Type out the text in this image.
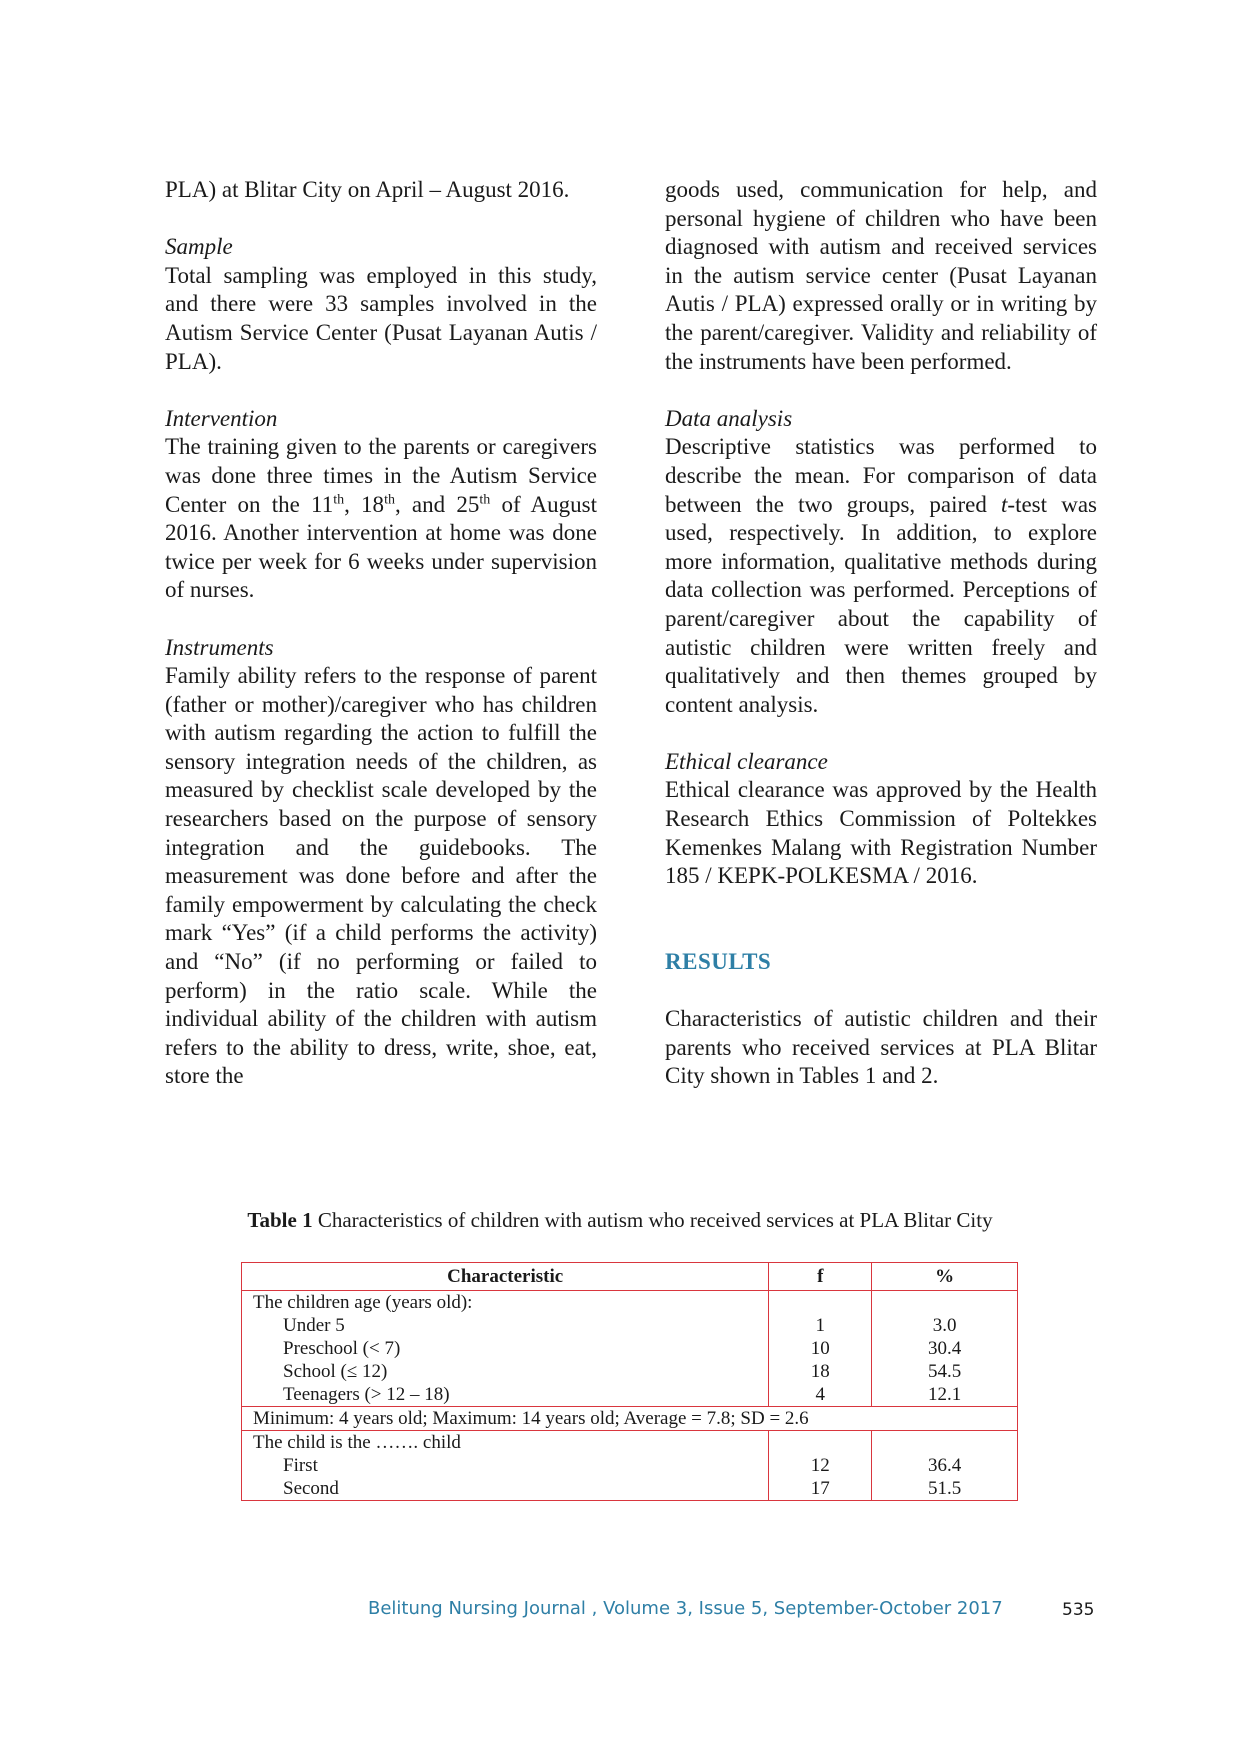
PLA) at Blitar City on April – August 2016.

Sample

Total sampling was employed in this study, and there were 33 samples involved in the Autism Service Center (Pusat Layanan Autis / PLA).

Intervention

The training given to the parents or caregivers was done three times in the Autism Service Center on the 11th, 18th, and 25th of August 2016. Another intervention at home was done twice per week for 6 weeks under supervision of nurses.

Instruments

Family ability refers to the response of parent (father or mother)/caregiver who has children with autism regarding the action to fulfill the sensory integration needs of the children, as measured by checklist scale developed by the researchers based on the purpose of sensory integration and the guidebooks. The measurement was done before and after the family empowerment by calculating the check mark “Yes” (if a child performs the activity) and “No” (if no performing or failed to perform) in the ratio scale. While the individual ability of the children with autism refers to the ability to dress, write, shoe, eat, store the

goods used, communication for help, and personal hygiene of children who have been diagnosed with autism and received services in the autism service center (Pusat Layanan Autis / PLA) expressed orally or in writing by the parent/caregiver. Validity and reliability of the instruments have been performed.

Data analysis

Descriptive statistics was performed to describe the mean. For comparison of data between the two groups, paired t-test was used, respectively. In addition, to explore more information, qualitative methods during data collection was performed. Perceptions of parent/caregiver about the capability of autistic children were written freely and qualitatively and then themes grouped by content analysis.

Ethical clearance

Ethical clearance was approved by the Health Research Ethics Commission of Poltekkes Kemenkes Malang with Registration Number 185 / KEPK-POLKESMA / 2016.

RESULTS

Characteristics of autistic children and their parents who received services at PLA Blitar City shown in Tables 1 and 2.

Table 1 Characteristics of children with autism who received services at PLA Blitar City
Characteristic	f	%
The children age (years old):		
Under 5	1	3.0
Preschool (< 7)	10	30.4
School (≤ 12)	18	54.5
Teenagers (> 12 – 18)	4	12.1
Minimum: 4 years old; Maximum: 14 years old; Average = 7.8; SD = 2.6		
The child is the ……. child		
First	12	36.4
Second	17	51.5
Belitung Nursing Journal , Volume 3, Issue 5, September-October 2017	535
